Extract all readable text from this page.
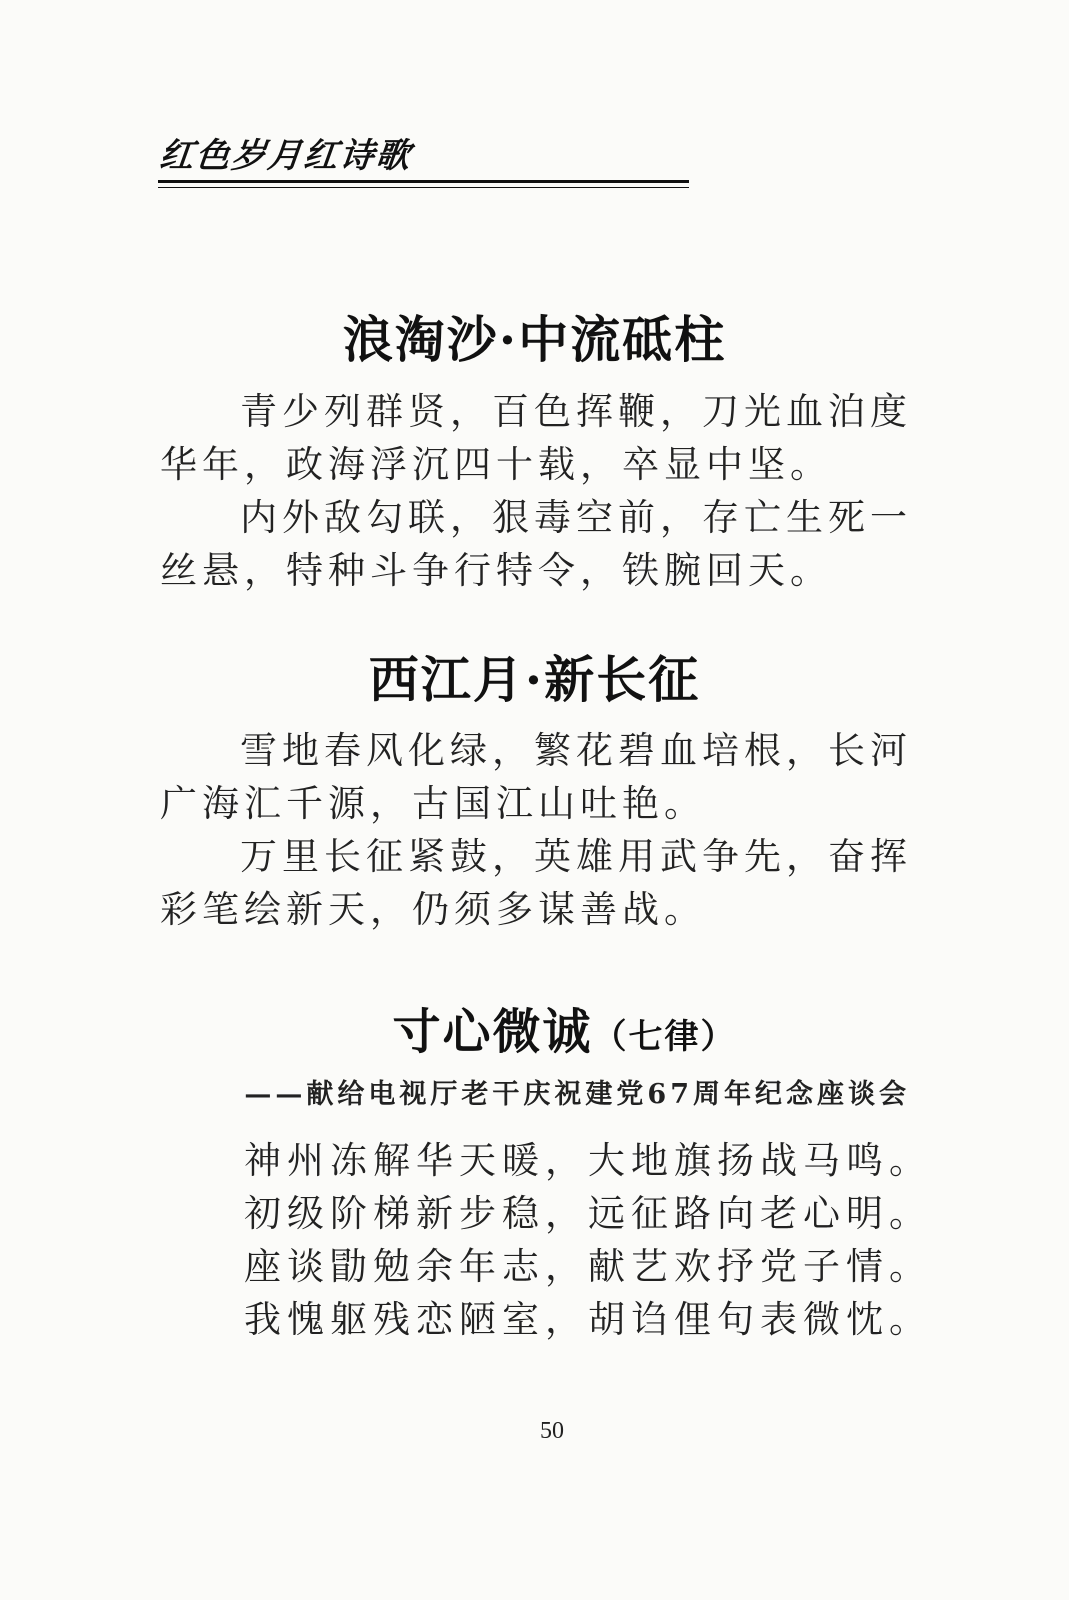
红色岁月红诗歌
浪淘沙·中流砥柱

青少列群贤，百色挥鞭，刀光血泊度华年，政海浮沉四十载，卒显中坚。

内外敌勾联，狠毒空前，存亡生死一丝悬，特种斗争行特令，铁腕回天。

西江月·新长征

雪地春风化绿，繁花碧血培根，长河广海汇千源，古国江山吐艳。

万里长征紧鼓，英雄用武争先，奋挥彩笔绘新天，仍须多谋善战。

寸心微诚（七律）
——献给电视厅老干庆祝建党67周年纪念座谈会
神州冻解华天暖，大地旗扬战马鸣。
初级阶梯新步稳，远征路向老心明。
座谈勖勉余年志，献艺欢抒党子情。
我愧躯残恋陋室，胡诌俚句表微忱。
50
